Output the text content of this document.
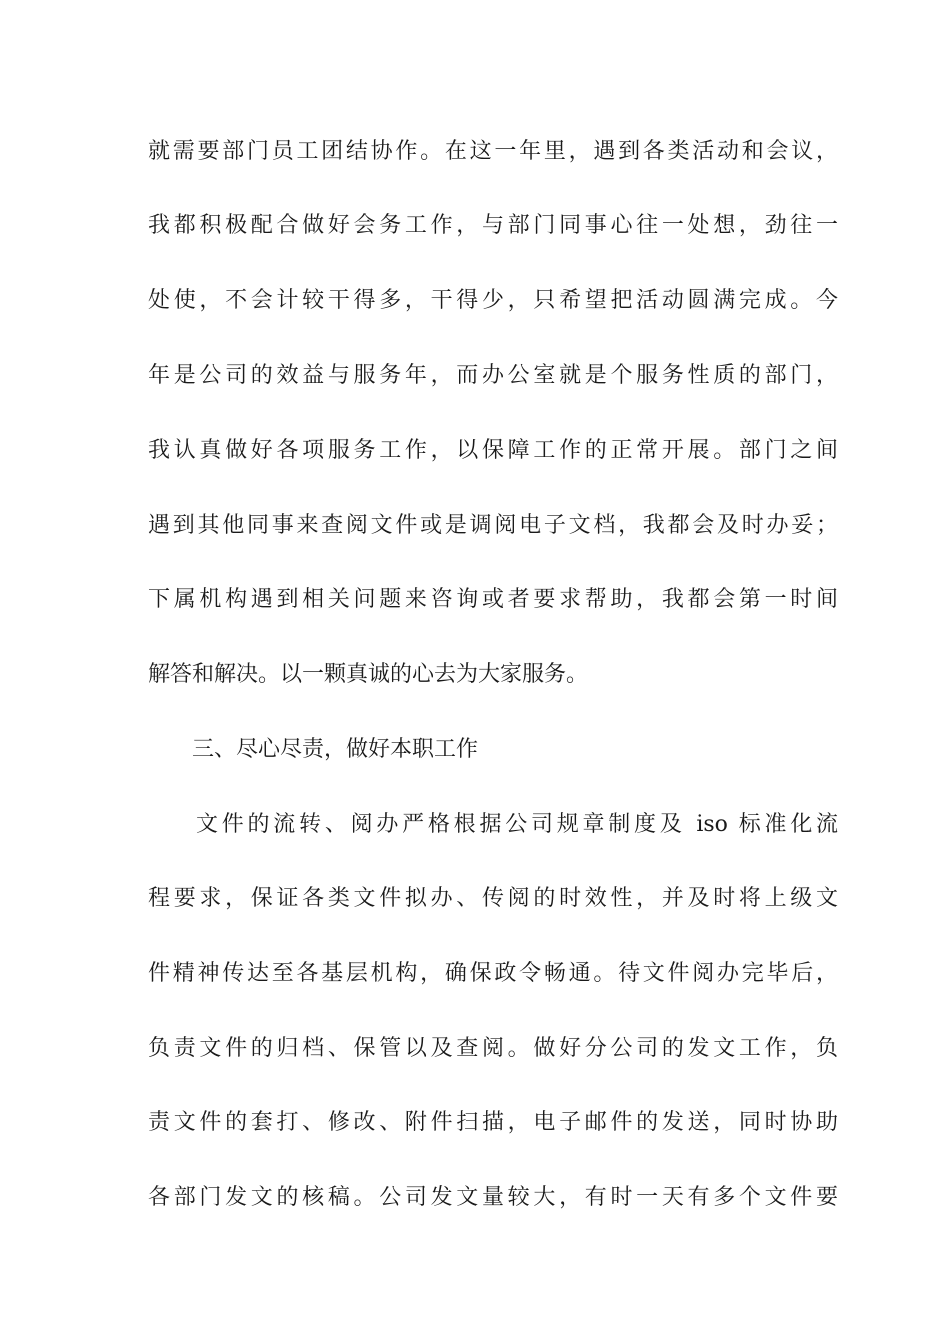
就需要部门员工团结协作。在这一年里，遇到各类活动和会议，
我都积极配合做好会务工作，与部门同事心往一处想，劲往一
处使，不会计较干得多，干得少，只希望把活动圆满完成。今
年是公司的效益与服务年，而办公室就是个服务性质的部门，
我认真做好各项服务工作，以保障工作的正常开展。部门之间
遇到其他同事来查阅文件或是调阅电子文档，我都会及时办妥；
下属机构遇到相关问题来咨询或者要求帮助，我都会第一时间
解答和解决。以一颗真诚的心去为大家服务。
三、尽心尽责，做好本职工作
文件的流转、阅办严格根据公司规章制度及 iso 标准化流
程要求，保证各类文件拟办、传阅的时效性，并及时将上级文
件精神传达至各基层机构，确保政令畅通。待文件阅办完毕后，
负责文件的归档、保管以及查阅。做好分公司的发文工作，负
责文件的套打、修改、附件扫描，电子邮件的发送，同时协助
各部门发文的核稿。公司发文量较大，有时一天有多个文件要
